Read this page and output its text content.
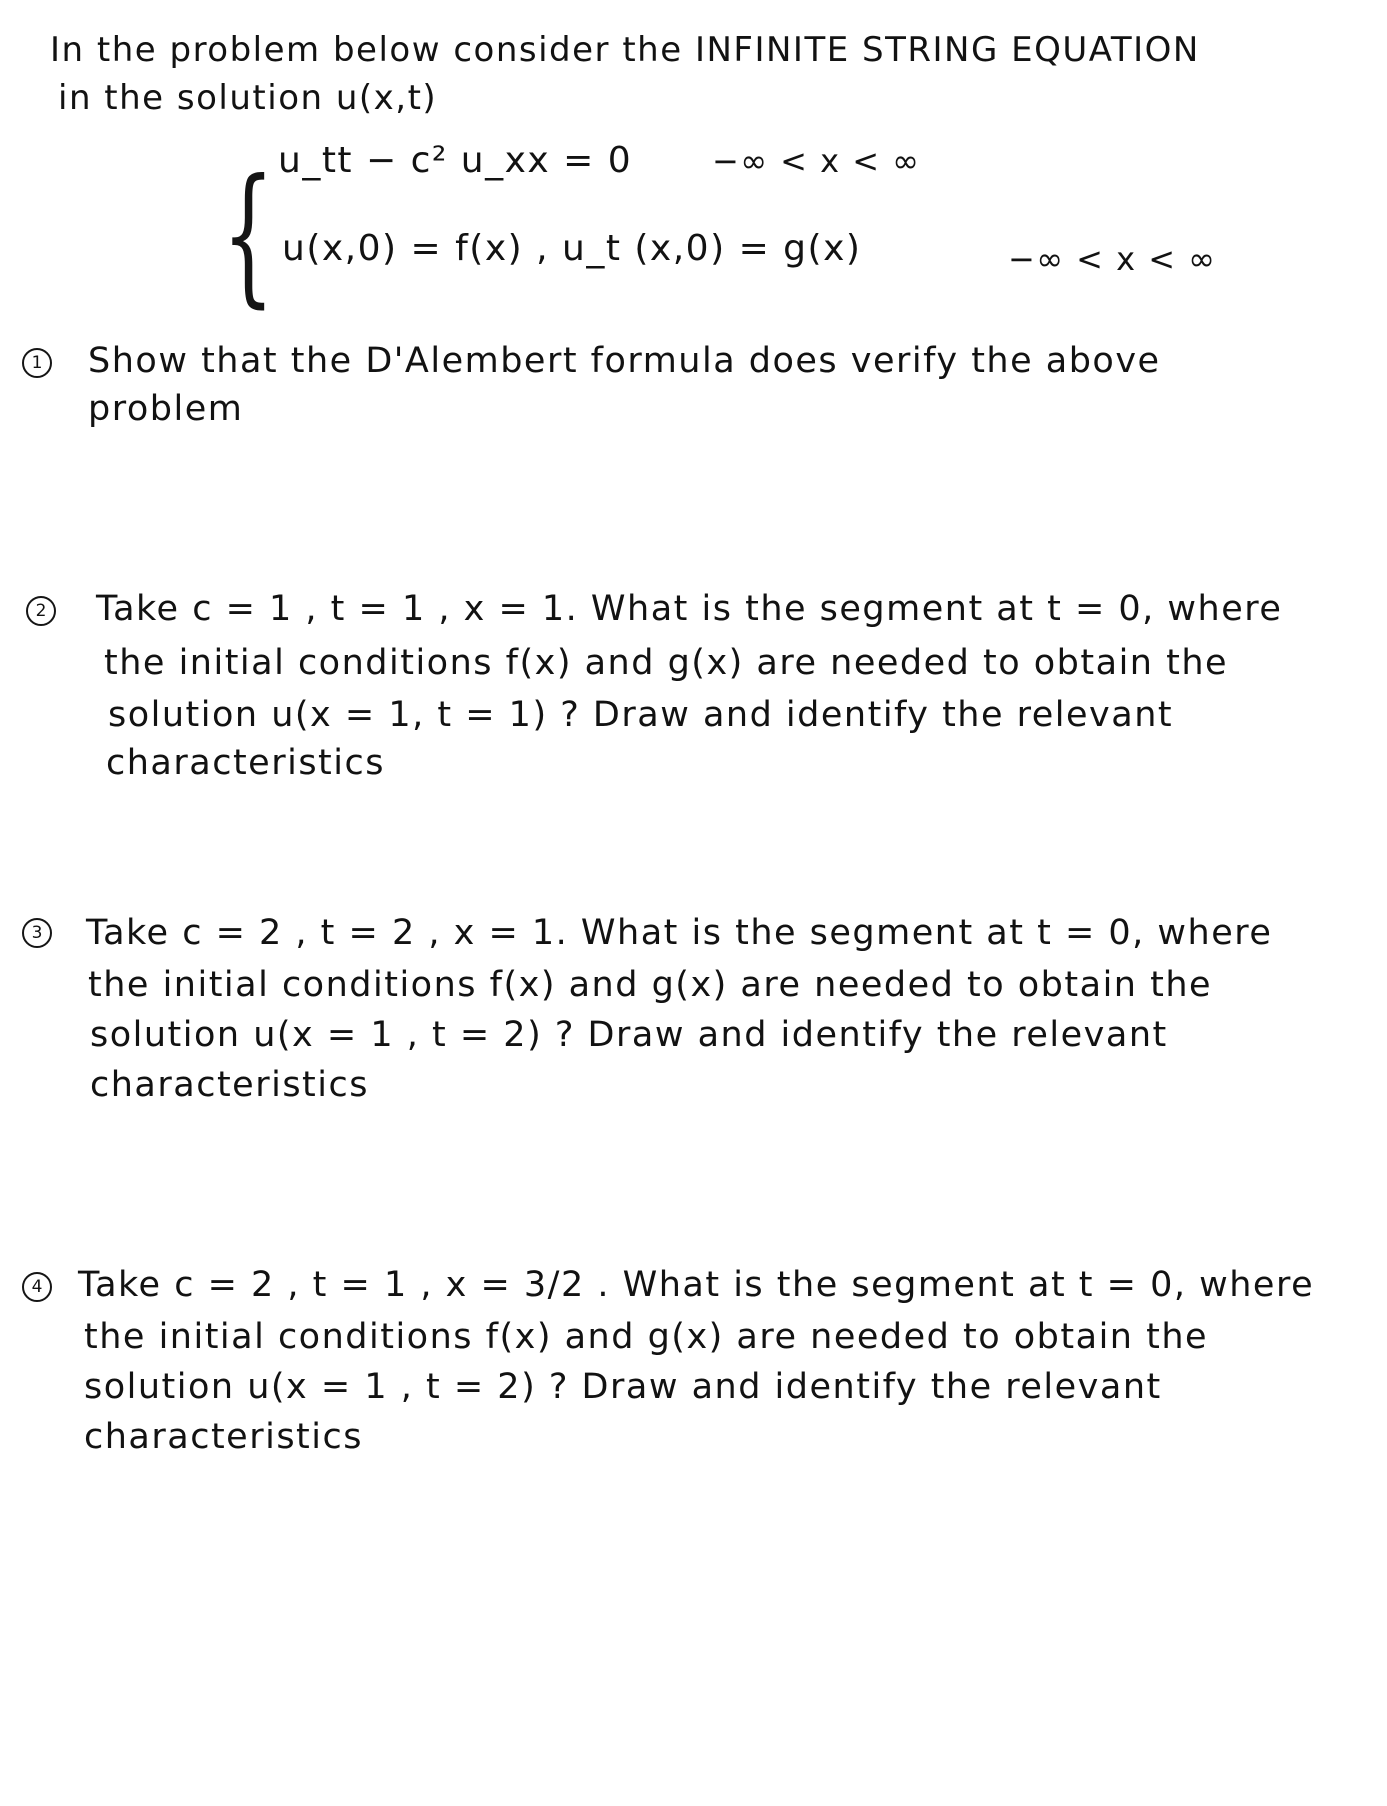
In the problem below consider the INFINITE STRING EQUATION
in the solution u(x,t)
{ u_tt − c² u_xx = 0 −∞ < x < ∞
u(x,0) = f(x) , u_t (x,0) = g(x)	−∞ < x < ∞
1 Show that the D'Alembert formula does verify the above
problem
2 Take c = 1 , t = 1 , x = 1. What is the segment at t = 0, where
the initial conditions f(x) and g(x) are needed to obtain the
solution u(x = 1, t = 1) ? Draw and identify the relevant
characteristics
3 Take c = 2 , t = 2 , x = 1. What is the segment at t = 0, where
the initial conditions f(x) and g(x) are needed to obtain the
solution u(x = 1 , t = 2) ? Draw and identify the relevant
characteristics
4 Take c = 2 , t = 1 , x = 3/2 . What is the segment at t = 0, where
the initial conditions f(x) and g(x) are needed to obtain the
solution u(x = 1 , t = 2) ? Draw and identify the relevant
characteristics
